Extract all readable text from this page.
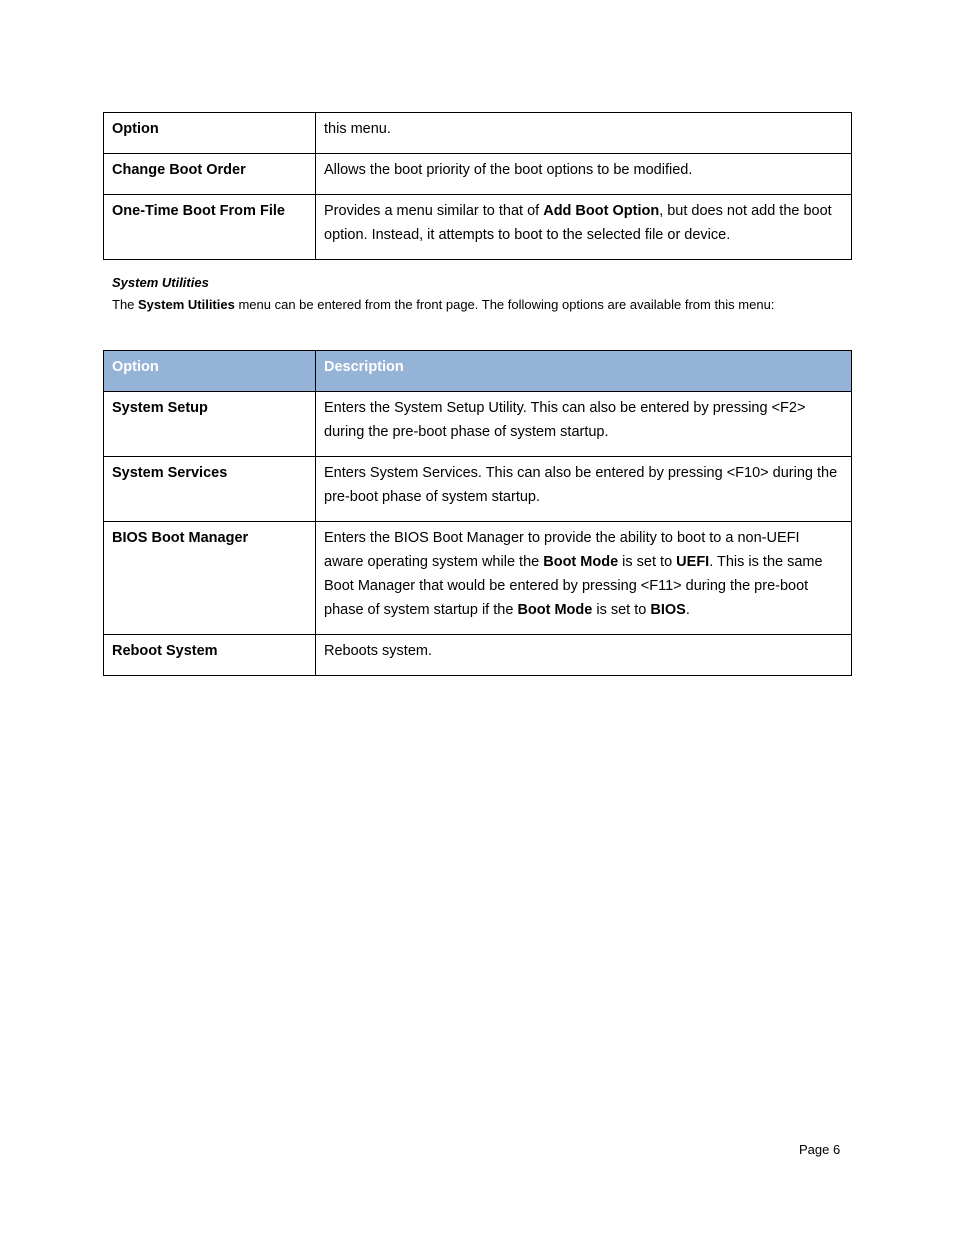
Option	this menu.
Change Boot Order	Allows the boot priority of the boot options to be modified.
One-Time Boot From File	Provides a menu similar to that of Add Boot Option, but does not add the boot option. Instead, it attempts to boot to the selected file or device.
System Utilities
The System Utilities menu can be entered from the front page. The following options are available from this menu:
Option	Description
System Setup	Enters the System Setup Utility. This can also be entered by pressing <F2> during the pre-boot phase of system startup.
System Services	Enters System Services. This can also be entered by pressing <F10> during the pre-boot phase of system startup.
BIOS Boot Manager	Enters the BIOS Boot Manager to provide the ability to boot to a non-UEFI aware operating system while the Boot Mode is set to UEFI. This is the same Boot Manager that would be entered by pressing <F11> during the pre-boot phase of system startup if the Boot Mode is set to BIOS.
Reboot System	Reboots system.
Page 6
